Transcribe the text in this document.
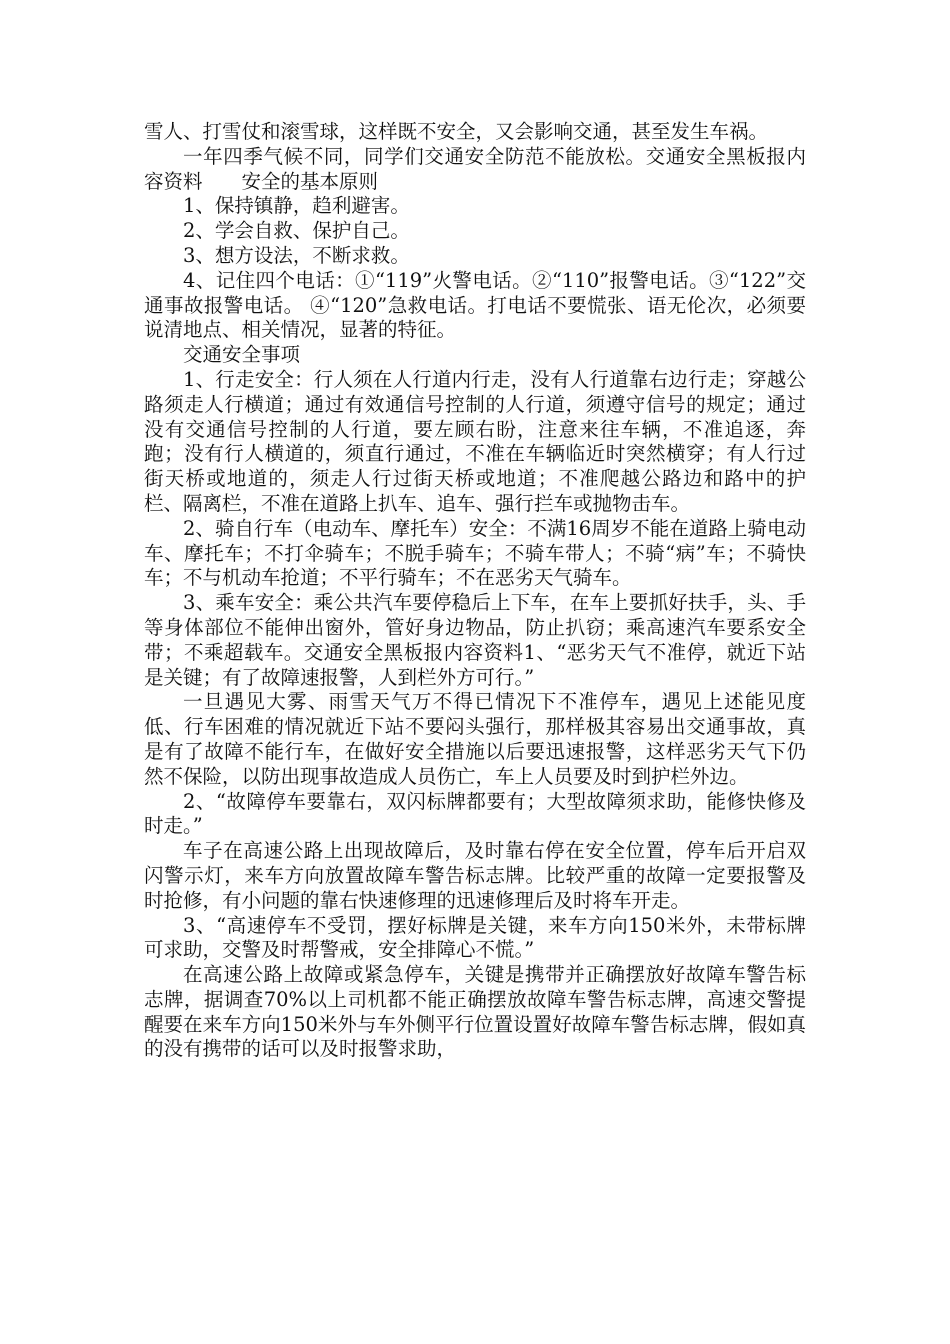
雪人、打雪仗和滚雪球，这样既不安全，又会影响交通，甚至发生车祸。

一年四季气候不同，同学们交通安全防范不能放松。交通安全黑板报内容资料　　安全的基本原则

1、保持镇静，趋利避害。

2、学会自救、保护自己。

3、想方设法，不断求救。

4、记住四个电话：①“119”火警电话。②“110”报警电话。③“122”交通事故报警电话。 ④“120”急救电话。打电话不要慌张、语无伦次，必须要说清地点、相关情况，显著的特征。

交通安全事项

1、行走安全：行人须在人行道内行走，没有人行道靠右边行走；穿越公路须走人行横道；通过有效通信号控制的人行道，须遵守信号的规定；通过没有交通信号控制的人行道，要左顾右盼，注意来往车辆，不准追逐，奔跑；没有行人横道的，须直行通过，不准在车辆临近时突然横穿；有人行过街天桥或地道的，须走人行过街天桥或地道；不准爬越公路边和路中的护栏、隔离栏，不准在道路上扒车、追车、强行拦车或抛物击车。

2、骑自行车（电动车、摩托车）安全：不满16周岁不能在道路上骑电动车、摩托车；不打伞骑车；不脱手骑车；不骑车带人；不骑“病”车；不骑快车；不与机动车抢道；不平行骑车；不在恶劣天气骑车。

3、乘车安全：乘公共汽车要停稳后上下车，在车上要抓好扶手，头、手等身体部位不能伸出窗外，管好身边物品，防止扒窃；乘高速汽车要系安全带；不乘超载车。交通安全黑板报内容资料1、“恶劣天气不准停，就近下站是关键；有了故障速报警，人到栏外方可行。”

一旦遇见大雾、雨雪天气万不得已情况下不准停车，遇见上述能见度低、行车困难的情况就近下站不要闷头强行，那样极其容易出交通事故，真是有了故障不能行车，在做好安全措施以后要迅速报警，这样恶劣天气下仍然不保险，以防出现事故造成人员伤亡，车上人员要及时到护栏外边。

2、“故障停车要靠右，双闪标牌都要有；大型故障须求助，能修快修及时走。”

车子在高速公路上出现故障后，及时靠右停在安全位置，停车后开启双闪警示灯，来车方向放置故障车警告标志牌。比较严重的故障一定要报警及时抢修，有小问题的靠右快速修理的迅速修理后及时将车开走。

3、“高速停车不受罚，摆好标牌是关键，来车方向150米外，未带标牌可求助，交警及时帮警戒，安全排障心不慌。”

在高速公路上故障或紧急停车，关键是携带并正确摆放好故障车警告标志牌，据调查70%以上司机都不能正确摆放故障车警告标志牌，高速交警提醒要在来车方向150米外与车外侧平行位置设置好故障车警告标志牌，假如真的没有携带的话可以及时报警求助，
